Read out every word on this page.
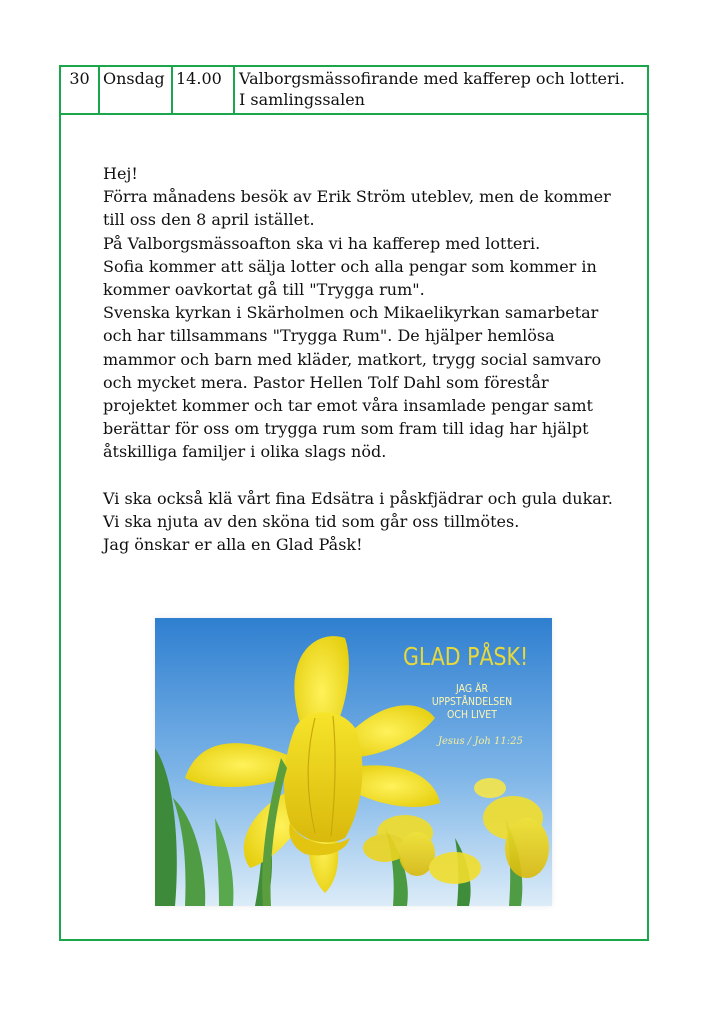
30 Onsdag 14.00	Valborgsmässofirande med kafferep och lotteri.
I samlingssalen

Hej!

Förra månadens besök av Erik Ström uteblev, men de kommer

till oss den 8 april istället.

På Valborgsmässoafton ska vi ha kafferep med lotteri.

Sofia kommer att sälja lotter och alla pengar som kommer in

kommer oavkortat gå till "Trygga rum".

Svenska kyrkan i Skärholmen och Mikaelikyrkan samarbetar

och har tillsammans "Trygga Rum". De hjälper hemlösa

mammor och barn med kläder, matkort, trygg social samvaro

och mycket mera. Pastor Hellen Tolf Dahl som förestår

projektet kommer och tar emot våra insamlade pengar samt

berättar för oss om trygga rum som fram till idag har hjälpt

åtskilliga familjer i olika slags nöd.

Vi ska också klä vårt fina Edsätra i påskfjädrar och gula dukar.

Vi ska njuta av den sköna tid som går oss tillmötes.

Jag önskar er alla en Glad Påsk!

GLAD PÅSK!
JAG ÄR
UPPSTÅNDELSEN
OCH LIVET
Jesus / Joh 11:25
